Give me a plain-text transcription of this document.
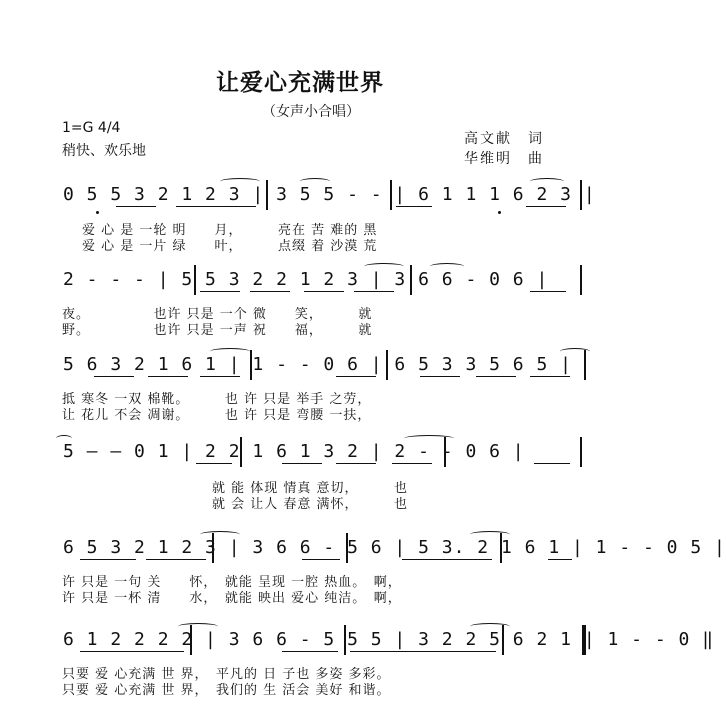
让爱心充满世界
（女声小合唱）
1=G 4/4
稍快、欢乐地
高文献　词
华维明　曲
0 5 5 3 2 1 2 3 | 3 5 5 - - | 6 1 1 1 6 2 3 |
爱 心 是 一轮 明　　月，　　　亮在 苦 难的 黑
爱 心 是 一片 绿　　叶，　　　点缀 着 沙漠 荒
2 - - - | 5 5 3 2 2 1 2 3 | 3 6 6 - 0 6 |
夜。　　　　　也许 只是 一个 微　　笑，　　　就
野。　　　　　也许 只是 一声 祝　　福，　　　就
5 6 3 2 1 6 1 | 1 - - 0 6 | 6 5 3 3 5 6 5 |
抵 寒冬 一双 棉靴。　　　也 许 只是 举手 之劳，
让 花儿 不会 凋谢。　　　也 许 只是 弯腰 一扶，
5 — — 0 1 | 2 2 1 6 1 3 2 | 2 - - 0 6 |
就 能 体现 情真 意切，　　　也
就 会 让人 春意 满怀，　　　也
6 5 3 2 1 2 3 | 3 6 6 - 5 6 | 5 3. 2 1 6 1 | 1 - - 0 5 |
许 只是 一句 关　　怀，　就能 呈现 一腔 热血。　啊，
许 只是 一杯 清　　水，　就能 映出 爱心 纯洁。　啊，
6 1 2 2 2 2 | 3 6 6 - 5 5 5 | 3 2 2 5 6 2 1 | 1 - - 0 ‖
只要 爱 心充满 世 界，　平凡的 日 子也 多姿 多彩。
只要 爱 心充满 世 界，　我们的 生 活会 美好 和谐。
